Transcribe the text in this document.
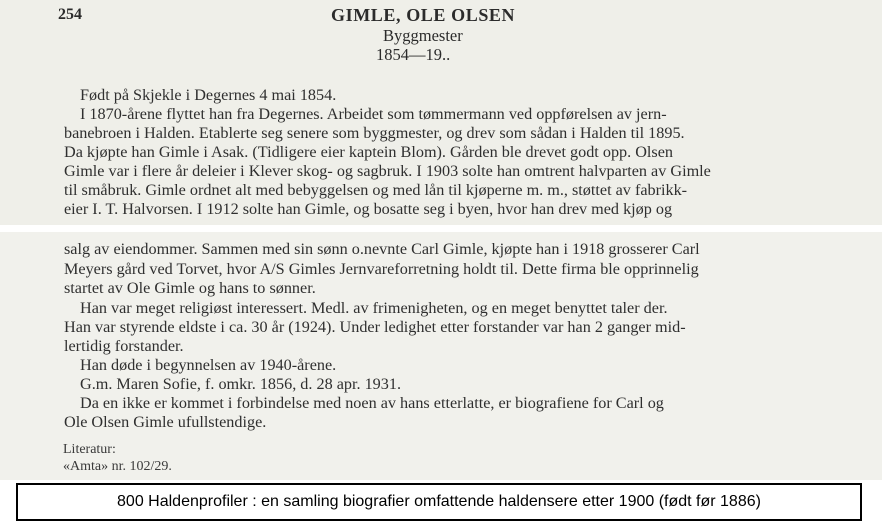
254	GIMLE, OLE OLSEN
Byggmester
1854—19..
Født på Skjekle i Degernes 4 mai 1854.
I 1870-årene flyttet han fra Degernes. Arbeidet som tømmermann ved oppførelsen av jern-
banebroen i Halden. Etablerte seg senere som byggmester, og drev som sådan i Halden til 1895.
Da kjøpte han Gimle i Asak. (Tidligere eier kaptein Blom). Gården ble drevet godt opp. Olsen
Gimle var i flere år deleier i Klever skog- og sagbruk. I 1903 solte han omtrent halvparten av Gimle
til småbruk. Gimle ordnet alt med bebyggelsen og med lån til kjøperne m. m., støttet av fabrikk-
eier I. T. Halvorsen. I 1912 solte han Gimle, og bosatte seg i byen, hvor han drev med kjøp og
salg av eiendommer. Sammen med sin sønn o.nevnte Carl Gimle, kjøpte han i 1918 grosserer Carl
Meyers gård ved Torvet, hvor A/S Gimles Jernvareforretning holdt til. Dette firma ble opprinnelig
startet av Ole Gimle og hans to sønner.
Han var meget religiøst interessert. Medl. av frimenigheten, og en meget benyttet taler der.
Han var styrende eldste i ca. 30 år (1924). Under ledighet etter forstander var han 2 ganger mid-
lertidig forstander.
Han døde i begynnelsen av 1940-årene.
G.m. Maren Sofie, f. omkr. 1856, d. 28 apr. 1931.
Da en ikke er kommet i forbindelse med noen av hans etterlatte, er biografiene for Carl og
Ole Olsen Gimle ufullstendige.
Literatur:
«Amta» nr. 102/29.
800 Haldenprofiler : en samling biografier omfattende haldensere etter 1900 (født før 1886)
